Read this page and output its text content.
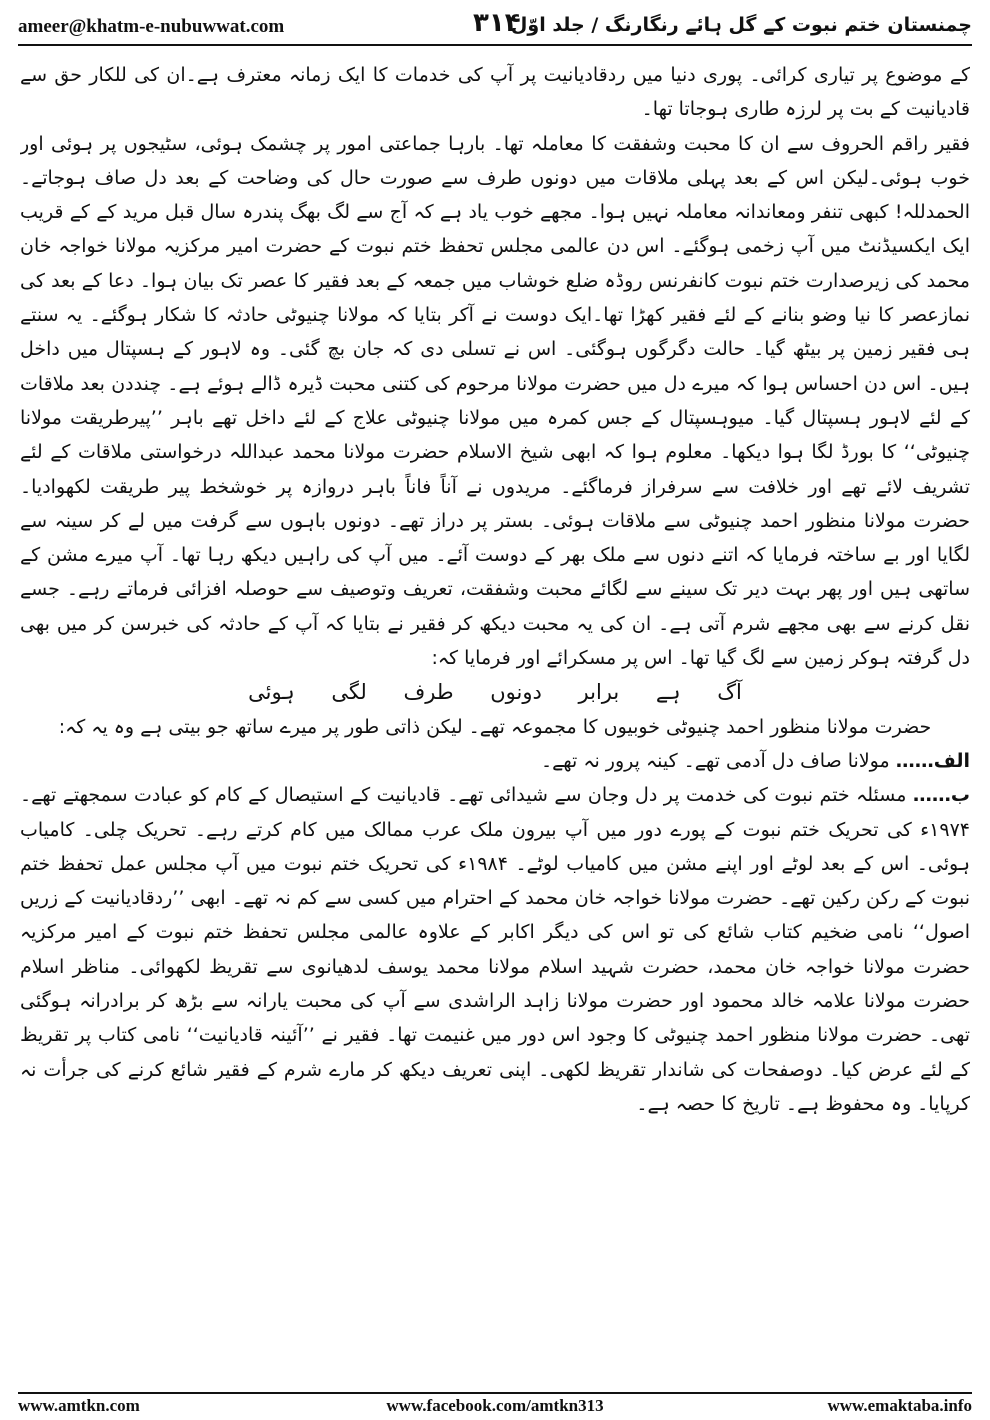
ameer@khatm-e-nubuwwat.com	۳۱۴
چمنستان ختم نبوت کے گل ہائے رنگارنگ / جلد اوّل

کے موضوع پر تیاری کرائی۔ پوری دنیا میں ردقادیانیت پر آپ کی خدمات کا ایک زمانہ معترف ہے۔ان کی للکار حق سے قادیانیت کے بت پر لرزہ طاری ہوجاتا تھا۔

فقیر راقم الحروف سے ان کا محبت وشفقت کا معاملہ تھا۔ بارہا جماعتی امور پر چشمک ہوئی، سٹیجوں پر ہوئی اور خوب ہوئی۔لیکن اس کے بعد پہلی ملاقات میں دونوں طرف سے صورت حال کی وضاحت کے بعد دل صاف ہوجاتے۔ الحمدللہ! کبھی تنفر ومعاندانہ معاملہ نہیں ہوا۔ مجھے خوب یاد ہے کہ آج سے لگ بھگ پندرہ سال قبل مرید کے کے قریب ایک ایکسیڈنٹ میں آپ زخمی ہوگئے۔ اس دن عالمی مجلس تحفظ ختم نبوت کے حضرت امیر مرکزیہ مولانا خواجہ خان محمد کی زیرصدارت ختم نبوت کانفرنس روڈہ ضلع خوشاب میں جمعہ کے بعد فقیر کا عصر تک بیان ہوا۔ دعا کے بعد کی نمازعصر کا نیا وضو بنانے کے لئے فقیر کھڑا تھا۔ایک دوست نے آکر بتایا کہ مولانا چنیوٹی حادثہ کا شکار ہوگئے۔ یہ سنتے ہی فقیر زمین پر بیٹھ گیا۔ حالت دگرگوں ہوگئی۔ اس نے تسلی دی کہ جان بچ گئی۔ وہ لاہور کے ہسپتال میں داخل ہیں۔ اس دن احساس ہوا کہ میرے دل میں حضرت مولانا مرحوم کی کتنی محبت ڈیرہ ڈالے ہوئے ہے۔ چنددن بعد ملاقات کے لئے لاہور ہسپتال گیا۔ میوہسپتال کے جس کمرہ میں مولانا چنیوٹی علاج کے لئے داخل تھے باہر ’’پیرطریقت مولانا چنیوٹی‘‘ کا بورڈ لگا ہوا دیکھا۔ معلوم ہوا کہ ابھی شیخ الاسلام حضرت مولانا محمد عبداللہ درخواستی ملاقات کے لئے تشریف لائے تھے اور خلافت سے سرفراز فرماگئے۔ مریدوں نے آناً فاناً باہر دروازہ پر خوشخط پیر طریقت لکھوادیا۔ حضرت مولانا منظور احمد چنیوٹی سے ملاقات ہوئی۔ بستر پر دراز تھے۔ دونوں باہوں سے گرفت میں لے کر سینہ سے لگایا اور بے ساختہ فرمایا کہ اتنے دنوں سے ملک بھر کے دوست آئے۔ میں آپ کی راہیں دیکھ رہا تھا۔ آپ میرے مشن کے ساتھی ہیں اور پھر بہت دیر تک سینے سے لگائے محبت وشفقت، تعریف وتوصیف سے حوصلہ افزائی فرماتے رہے۔ جسے نقل کرنے سے بھی مجھے شرم آتی ہے۔ ان کی یہ محبت دیکھ کر فقیر نے بتایا کہ آپ کے حادثہ کی خبرسن کر میں بھی دل گرفتہ ہوکر زمین سے لگ گیا تھا۔ اس پر مسکرائے اور فرمایا کہ:

آگ ہے برابر دونوں طرف لگی ہوئی

حضرت مولانا منظور احمد چنیوٹی خوبیوں کا مجموعہ تھے۔ لیکن ذاتی طور پر میرے ساتھ جو بیتی ہے وہ یہ کہ:

الف…… مولانا صاف دل آدمی تھے۔ کینہ پرور نہ تھے۔

ب…… مسئلہ ختم نبوت کی خدمت پر دل وجان سے شیدائی تھے۔ قادیانیت کے استیصال کے کام کو عبادت سمجھتے تھے۔۱۹۷۴ء کی تحریک ختم نبوت کے پورے دور میں آپ بیرون ملک عرب ممالک میں کام کرتے رہے۔ تحریک چلی۔ کامیاب ہوئی۔ اس کے بعد لوٹے اور اپنے مشن میں کامیاب لوٹے۔ ۱۹۸۴ء کی تحریک ختم نبوت میں آپ مجلس عمل تحفظ ختم نبوت کے رکن رکین تھے۔ حضرت مولانا خواجہ خان محمد کے احترام میں کسی سے کم نہ تھے۔ ابھی ’’ردقادیانیت کے زریں اصول‘‘ نامی ضخیم کتاب شائع کی تو اس کی دیگر اکابر کے علاوہ عالمی مجلس تحفظ ختم نبوت کے امیر مرکزیہ حضرت مولانا خواجہ خان محمد، حضرت شہید اسلام مولانا محمد یوسف لدھیانوی سے تقریظ لکھوائی۔ مناظر اسلام حضرت مولانا علامہ خالد محمود اور حضرت مولانا زاہد الراشدی سے آپ کی محبت یارانہ سے بڑھ کر برادرانہ ہوگئی تھی۔ حضرت مولانا منظور احمد چنیوٹی کا وجود اس دور میں غنیمت تھا۔ فقیر نے ’’آئینہ قادیانیت‘‘ نامی کتاب پر تقریظ کے لئے عرض کیا۔ دوصفحات کی شاندار تقریظ لکھی۔ اپنی تعریف دیکھ کر مارے شرم کے فقیر شائع کرنے کی جرأت نہ کرپایا۔ وہ محفوظ ہے۔ تاریخ کا حصہ ہے۔

www.amtkn.com	www.facebook.com/amtkn313	www.emaktaba.info
